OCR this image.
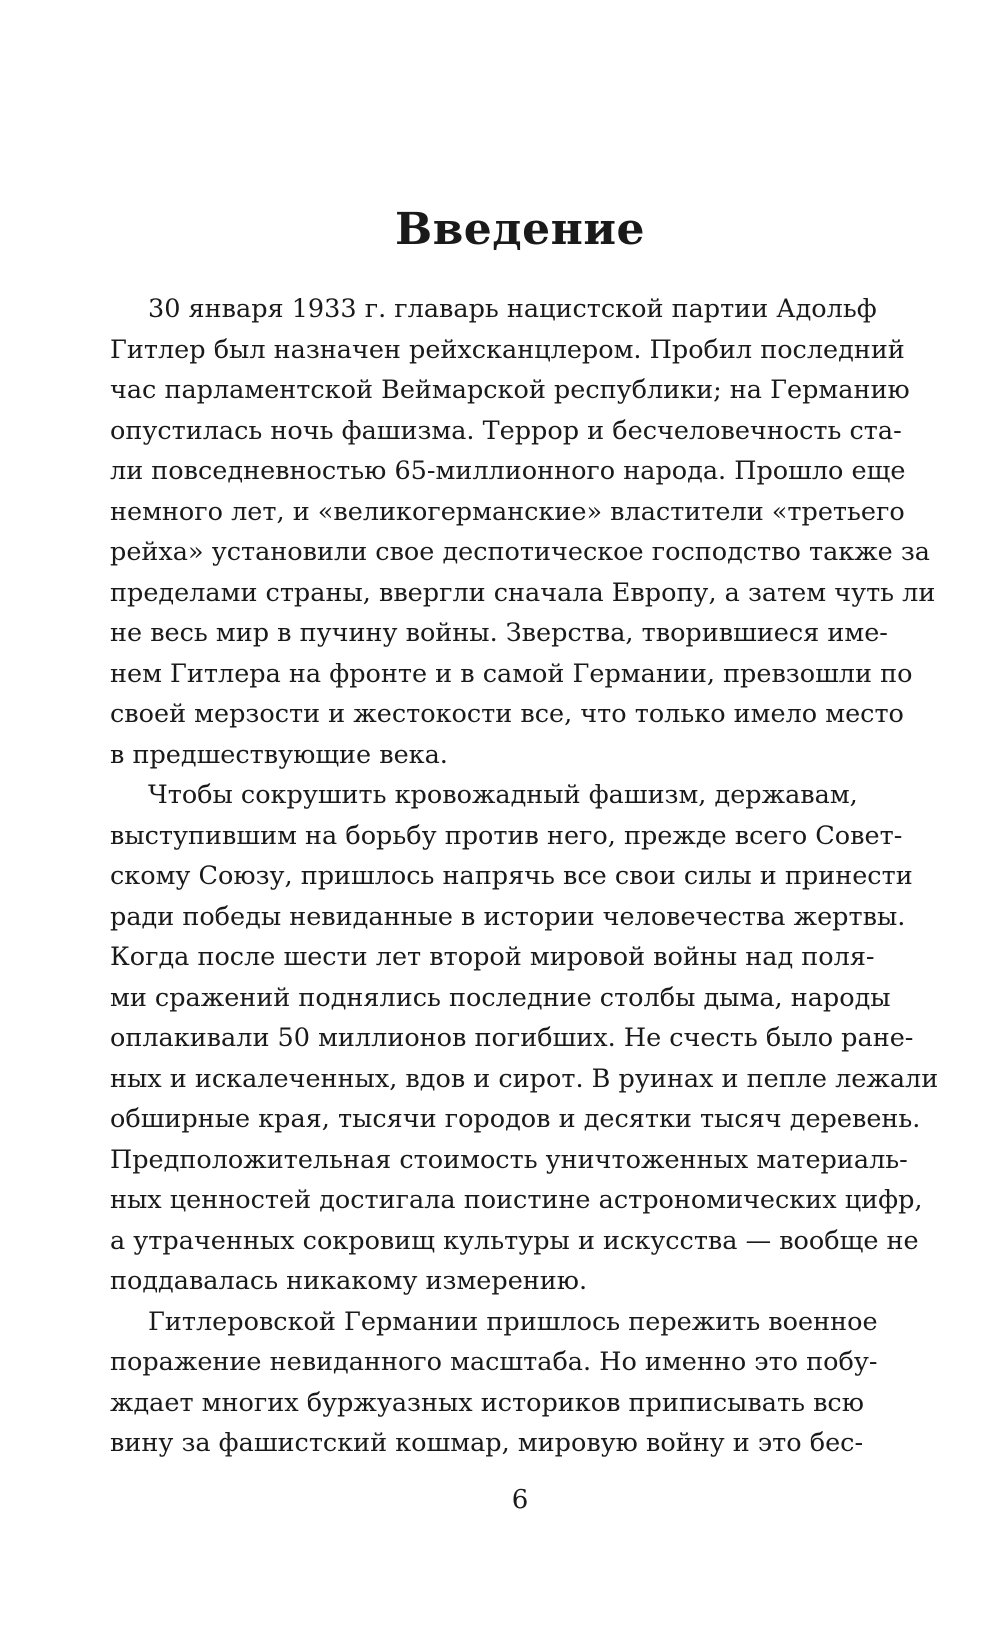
Введение
30 января 1933 г. главарь нацистской партии Адольф
Гитлер был назначен рейхсканцлером. Пробил последний
час парламентской Веймарской республики; на Германию
опустилась ночь фашизма. Террор и бесчеловечность ста-
ли повседневностью 65-миллионного народа. Прошло еще
немного лет, и «великогерманские» властители «третьего
рейха» установили свое деспотическое господство также за
пределами страны, ввергли сначала Европу, а затем чуть ли
не весь мир в пучину войны. Зверства, творившиеся име-
нем Гитлера на фронте и в самой Германии, превзошли по
своей мерзости и жестокости все, что только имело место
в предшествующие века.
Чтобы сокрушить кровожадный фашизм, державам,
выступившим на борьбу против него, прежде всего Совет-
скому Союзу, пришлось напрячь все свои силы и принести
ради победы невиданные в истории человечества жертвы.
Когда после шести лет второй мировой войны над поля-
ми сражений поднялись последние столбы дыма, народы
оплакивали 50 миллионов погибших. Не счесть было ране-
ных и искалеченных, вдов и сирот. В руинах и пепле лежали
обширные края, тысячи городов и десятки тысяч деревень.
Предположительная стоимость уничтоженных материаль-
ных ценностей достигала поистине астрономических цифр,
а утраченных сокровищ культуры и искусства — вообще не
поддавалась никакому измерению.
Гитлеровской Германии пришлось пережить военное
поражение невиданного масштаба. Но именно это побу-
ждает многих буржуазных историков приписывать всю
вину за фашистский кошмар, мировую войну и это бес-
6
